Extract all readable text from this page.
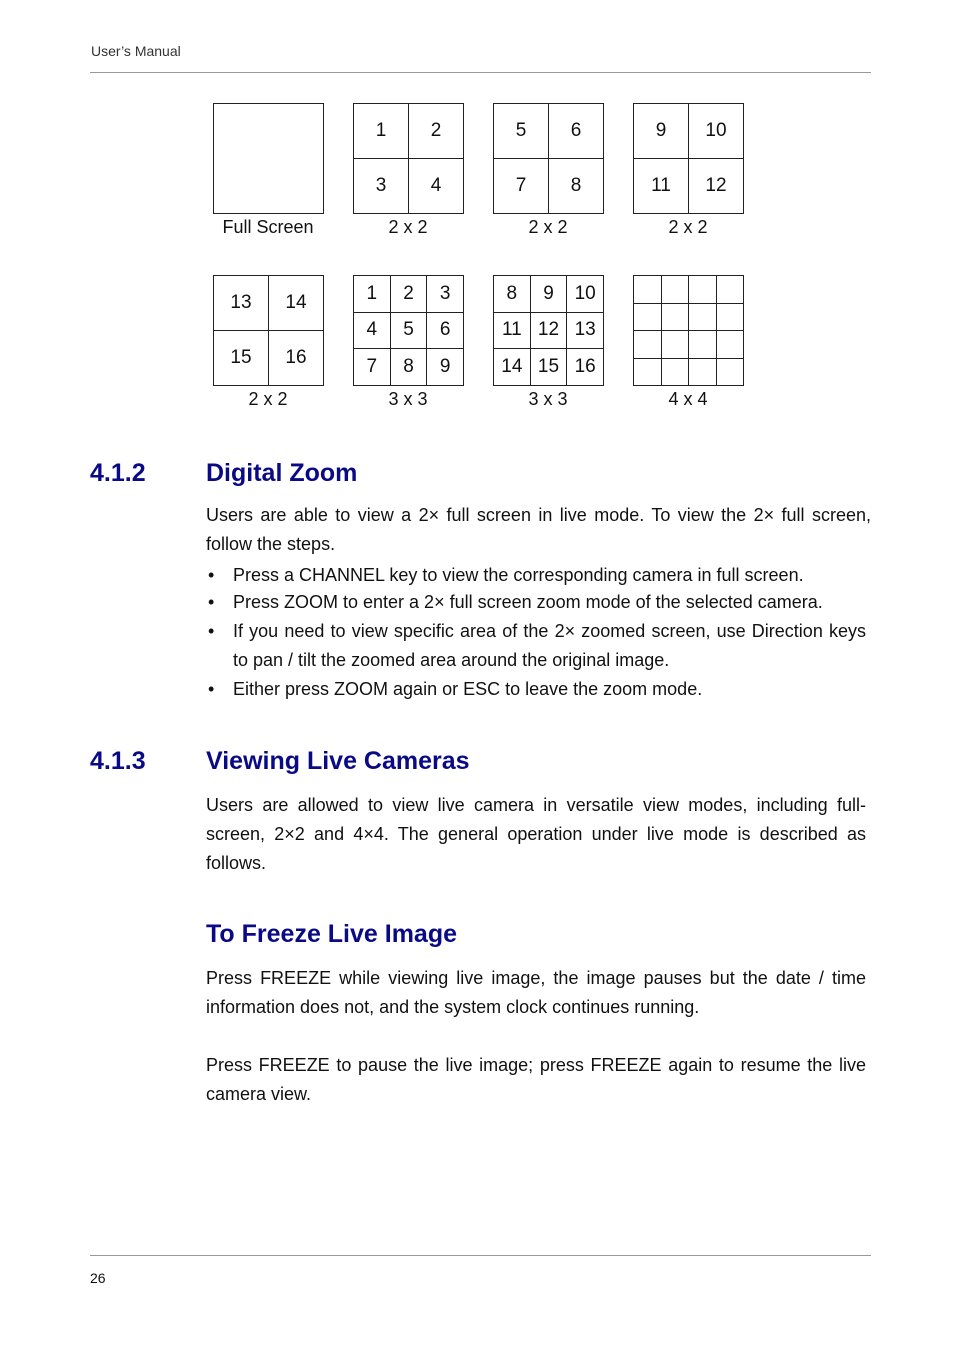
User’s Manual
Full Screen
1	2
3	4
2 x 2
5	6
7	8
2 x 2
9	10
11	12
2 x 2
13	14
15	16
2 x 2
1	2	3
4	5	6
7	8	9
3 x 3
8	9	10
11 12 13
14 15 16
3 x 3	4 x 4
4.1.2 Digital Zoom
Users are able to view a 2× full screen in live mode. To view the 2× full screen, follow the steps.
• Press a CHANNEL key to view the corresponding camera in full screen.
• Press ZOOM to enter a 2× full screen zoom mode of the selected camera.
• If you need to view specific area of the 2× zoomed screen, use Direction keys to pan / tilt the zoomed area around the original image.
• Either press ZOOM again or ESC to leave the zoom mode.
4.1.3 Viewing Live Cameras
Users are allowed to view live camera in versatile view modes, including full-screen, 2×2 and 4×4. The general operation under live mode is described as follows.
To Freeze Live Image
Press FREEZE while viewing live image, the image pauses but the date / time information does not, and the system clock continues running.
Press FREEZE to pause the live image; press FREEZE again to resume the live camera view.
26
